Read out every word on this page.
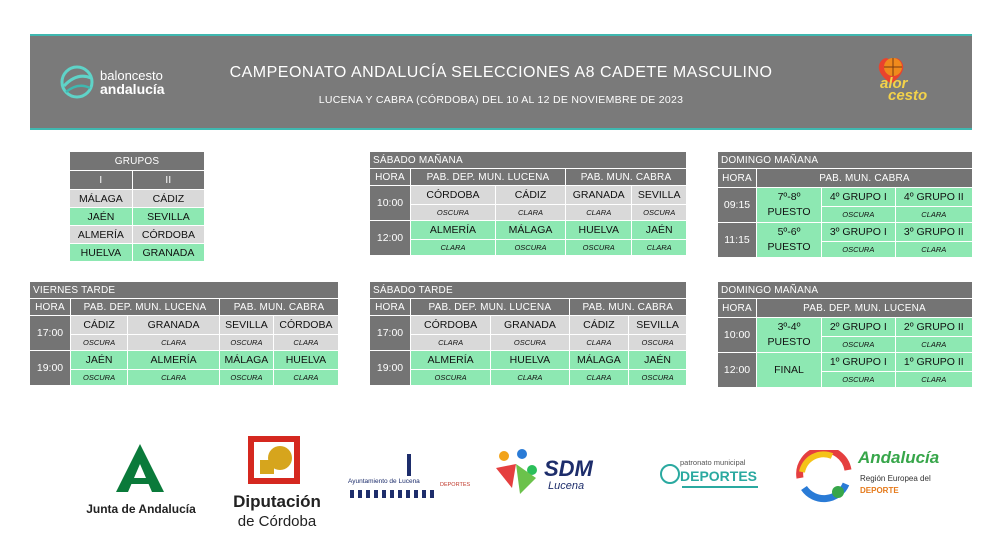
baloncesto
andalucía
CAMPEONATO ANDALUCÍA SELECCIONES A8 CADETE MASCULINO
LUCENA Y CABRA (CÓRDOBA) DEL 10 AL 12 DE NOVIEMBRE DE 2023
alor
cesto
GRUPOS	
I	II
MÁLAGA	CÁDIZ
JAÉN	SEVILLA
ALMERÍA	CÓRDOBA
HUELVA	GRANADA
SÁBADO MAÑANA				
HORA	PAB. DEP. MUN. LUCENA		PAB. MUN. CABRA	
10:00	CÓRDOBA	CÁDIZ	GRANADA	SEVILLA
	OSCURA	CLARA	CLARA	OSCURA
12:00	ALMERÍA	MÁLAGA	HUELVA	JAÉN
	CLARA	OSCURA	OSCURA	CLARA
VIERNES TARDE				
HORA	PAB. DEP. MUN. LUCENA		PAB. MUN. CABRA	
17:00	CÁDIZ	GRANADA	SEVILLA	CÓRDOBA
	OSCURA	CLARA	OSCURA	CLARA
19:00	JAÉN	ALMERÍA	MÁLAGA	HUELVA
	OSCURA	CLARA	OSCURA	CLARA
SÁBADO TARDE				
HORA	PAB. DEP. MUN. LUCENA		PAB. MUN. CABRA	
17:00	CÓRDOBA	GRANADA	CÁDIZ	SEVILLA
	CLARA	OSCURA	CLARA	OSCURA
19:00	ALMERÍA	HUELVA	MÁLAGA	JAÉN
	OSCURA	CLARA	CLARA	OSCURA
DOMINGO MAÑANA			
HORA	PAB. MUN. CABRA		
09:15	7º-8º PUESTO	4º GRUPO I	4º GRUPO II
		OSCURA	CLARA
11:15	5º-6º PUESTO	3º GRUPO I	3º GRUPO II
		OSCURA	CLARA
DOMINGO MAÑANA			
HORA	PAB. DEP. MUN. LUCENA		
10:00	3º-4º PUESTO	2º GRUPO I	2º GRUPO II
		OSCURA	CLARA
12:00	FINAL	1º GRUPO I	1º GRUPO II
		OSCURA	CLARA
Junta de Andalucía	Diputación
de Córdoba
Ayuntamiento de Lucena	DEPORTES
SDM
Lucena
patronato municipal
DEPORTES
Andalucía
Región Europea del
DEPORTE
